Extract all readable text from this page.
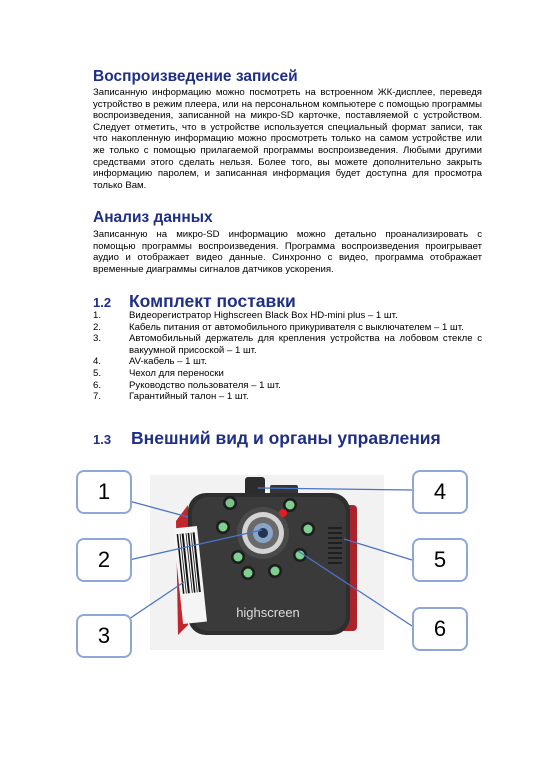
Воспроизведение записей

Записанную информацию можно посмотреть на встроенном ЖК-дисплее, переведя устройство в режим плеера, или на персональном компьютере с помощью программы воспроизведения, записанной на микро-SD карточке, поставляемой с устройством. Следует отметить, что в устройстве используется специальный формат записи, так что накопленную информацию можно просмотреть только на самом устройстве или же только с помощью прилагаемой программы воспроизведения. Любыми другими средствами этого сделать нельзя. Более того, вы можете дополнительно закрыть информацию паролем, и записанная информация будет доступна для просмотра только Вам.

Анализ данных

Записанную на микро-SD информацию можно детально проанализировать с помощью программы воспроизведения. Программа воспроизведения проигрывает аудио и отображает видео данные. Синхронно с видео, программа отображает временные диаграммы сигналов датчиков ускорения.

1.2 Комплект поставки
1.	Видеорегистратор Highscreen Black Box HD-mini plus – 1 шт.
2.	Кабель питания от автомобильного прикуривателя с выключателем – 1 шт.
3.	Автомобильный держатель для крепления устройства на лобовом стекле с вакуумной присоской – 1 шт.
4.	AV-кабель – 1 шт.
5.	Чехол для переноски
6.	Руководство пользователя – 1 шт.
7.	Гарантийный талон – 1 шт.
1.3 Внешний вид и органы управления
highscreen
1
2
3
4
5
6
